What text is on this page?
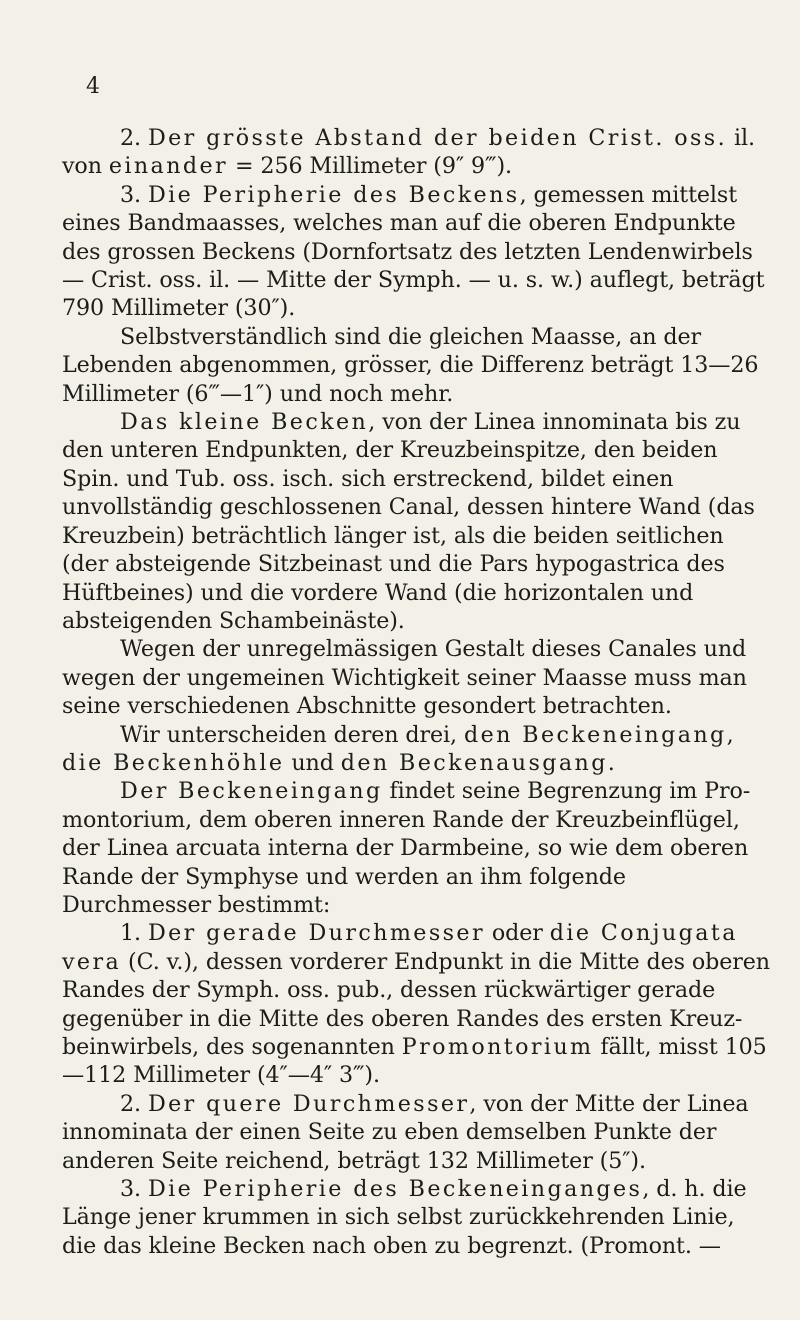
4

2. Der grösste Abstand der beiden Crist. oss. il. von einander = 256 Millimeter (9″ 9‴).

3. Die Peripherie des Beckens, gemessen mittelst eines Bandmaasses, welches man auf die oberen Endpunkte des grossen Beckens (Dornfortsatz des letzten Lendenwirbels — Crist. oss. il. — Mitte der Symph. — u. s. w.) auflegt, beträgt 790 Millimeter (30″).

Selbstverständlich sind die gleichen Maasse, an der Lebenden abgenommen, grösser, die Differenz beträgt 13—26 Millimeter (6‴—1″) und noch mehr.

Das kleine Becken, von der Linea innominata bis zu den unteren Endpunkten, der Kreuzbeinspitze, den beiden Spin. und Tub. oss. isch. sich erstreckend, bildet einen unvollständig geschlossenen Canal, dessen hintere Wand (das Kreuzbein) beträchtlich länger ist, als die beiden seitlichen (der absteigende Sitzbeinast und die Pars hypogastrica des Hüftbeines) und die vordere Wand (die horizontalen und absteigenden Schambeinäste).

Wegen der unregelmässigen Gestalt dieses Canales und wegen der ungemeinen Wichtigkeit seiner Maasse muss man seine verschiedenen Abschnitte gesondert betrachten.

Wir unterscheiden deren drei, den Beckeneingang, die Beckenhöhle und den Beckenausgang.

Der Beckeneingang findet seine Begrenzung im Promontorium, dem oberen inneren Rande der Kreuzbeinflügel, der Linea arcuata interna der Darmbeine, so wie dem oberen Rande der Symphyse und werden an ihm folgende Durchmesser bestimmt:

1. Der gerade Durchmesser oder die Conjugata vera (C. v.), dessen vorderer Endpunkt in die Mitte des oberen Randes der Symph. oss. pub., dessen rückwärtiger gerade gegenüber in die Mitte des oberen Randes des ersten Kreuzbeinwirbels, des sogenannten Promontorium fällt, misst 105—112 Millimeter (4″—4″ 3‴).

2. Der quere Durchmesser, von der Mitte der Linea innominata der einen Seite zu eben demselben Punkte der anderen Seite reichend, beträgt 132 Millimeter (5″).

3. Die Peripherie des Beckeneinganges, d. h. die Länge jener krummen in sich selbst zurückkehrenden Linie, die das kleine Becken nach oben zu begrenzt. (Promont. —
